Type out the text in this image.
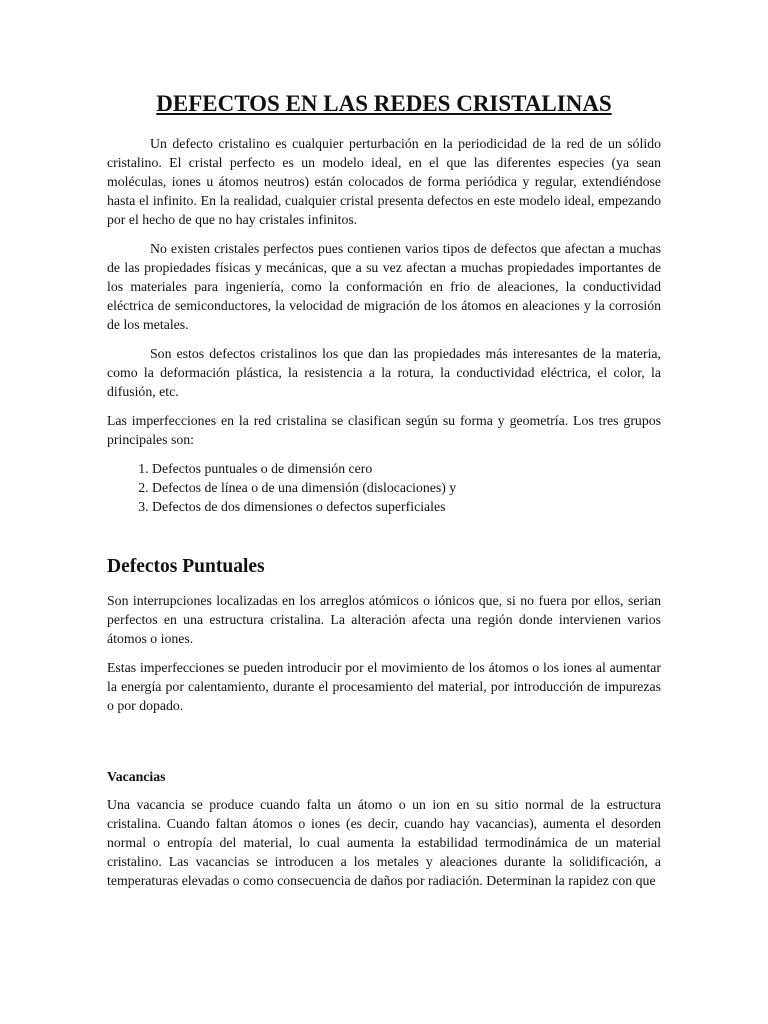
DEFECTOS EN LAS REDES CRISTALINAS

Un defecto cristalino es cualquier perturbación en la periodicidad de la red de un sólido cristalino. El cristal perfecto es un modelo ideal, en el que las diferentes especies (ya sean moléculas, iones u átomos neutros) están colocados de forma periódica y regular, extendiéndose hasta el infinito. En la realidad, cualquier cristal presenta defectos en este modelo ideal, empezando por el hecho de que no hay cristales infinitos.

No existen cristales perfectos pues contienen varios tipos de defectos que afectan a muchas de las propiedades físicas y mecánicas, que a su vez afectan a muchas propiedades importantes de los materiales para ingeniería, como la conformación en frio de aleaciones, la conductividad eléctrica de semiconductores, la velocidad de migración de los átomos en aleaciones y la corrosión de los metales.

Son estos defectos cristalinos los que dan las propiedades más interesantes de la materia, como la deformación plástica, la resistencia a la rotura, la conductividad eléctrica, el color, la difusión, etc.

Las imperfecciones en la red cristalina se clasifican según su forma y geometría. Los tres grupos principales son:

1. Defectos puntuales o de dimensión cero
2. Defectos de línea o de una dimensión (dislocaciones) y
3. Defectos de dos dimensiones o defectos superficiales
Defectos Puntuales

Son interrupciones localizadas en los arreglos atómicos o iónicos que, si no fuera por ellos, serian perfectos en una estructura cristalina. La alteración afecta una región donde intervienen varios átomos o iones.

Estas imperfecciones se pueden introducir por el movimiento de los átomos o los iones al aumentar la energía por calentamiento, durante el procesamiento del material, por introducción de impurezas o por dopado.

Vacancias

Una vacancia se produce cuando falta un átomo o un ion en su sitio normal de la estructura cristalina. Cuando faltan átomos o iones (es decir, cuando hay vacancias), aumenta el desorden normal o entropía del material, lo cual aumenta la estabilidad termodinámica de un material cristalino. Las vacancias se introducen a los metales y aleaciones durante la solidificación, a temperaturas elevadas o como consecuencia de daños por radiación. Determinan la rapidez con que
